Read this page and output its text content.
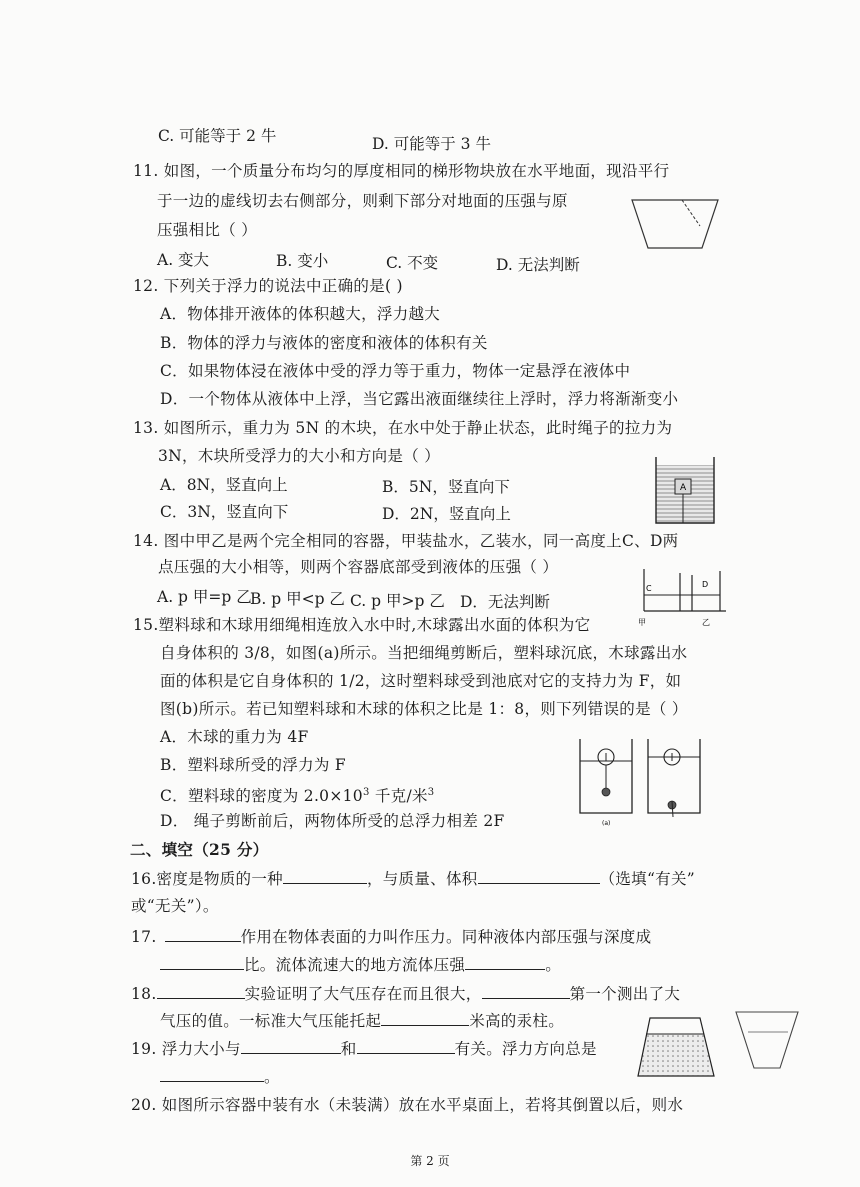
C. 可能等于 2 牛	D. 可能等于 3 牛
11. 如图，一个质量分布均匀的厚度相同的梯形物块放在水平地面，现沿平行
于一边的虚线切去右侧部分，则剩下部分对地面的压强与原
压强相比（ ）
A. 变大	B. 变小	C. 不变	D. 无法判断
12. 下列关于浮力的说法中正确的是( )
A．物体排开液体的体积越大，浮力越大
B．物体的浮力与液体的密度和液体的体积有关
C．如果物体浸在液体中受的浮力等于重力，物体一定悬浮在液体中
D．一个物体从液体中上浮，当它露出液面继续往上浮时，浮力将渐渐变小
13. 如图所示，重力为 5N 的木块，在水中处于静止状态，此时绳子的拉力为
3N，木块所受浮力的大小和方向是（ ）
A．8N，竖直向上	B．5N，竖直向下
C．3N，竖直向下	D．2N，竖直向上
A
14. 图中甲乙是两个完全相同的容器，甲装盐水，乙装水，同一高度上C、D两
点压强的大小相等，则两个容器底部受到液体的压强（ ）
A. p 甲=p 乙
B. p 甲<p 乙 C. p 甲>p 乙 D．无法判断
C	D
甲	乙
15.塑料球和木球用细绳相连放入水中时,木球露出水面的体积为它
自身体积的 3/8，如图(a)所示。当把细绳剪断后，塑料球沉底，木球露出水
面的体积是它自身体积的 1/2，这时塑料球受到池底对它的支持力为 F，如
图(b)所示。若已知塑料球和木球的体积之比是 1：8，则下列错误的是（ ）
A．木球的重力为 4F
B．塑料球所受的浮力为 F
C．塑料球的密度为 $2.0\times 10^3$ 千克/米$^3$
D． 绳子剪断前后，两物体所受的总浮力相差 2F	(a)
二、填空（25 分）
16.密度是物质的一种	，与质量、体积	（选填“有关”
或“无关”）。
17.	作用在物体表面的力叫作压力。同种液体内部压强与深度成
比。流体流速大的地方流体压强	。
18.	实验证明了大气压存在而且很大，	第一个测出了大
气压的值。一标准大气压能托起	米高的汞柱。
19. 浮力大小与	和	有关。浮力方向总是
。
20. 如图所示容器中装有水（未装满）放在水平桌面上，若将其倒置以后，则水
第 2 页
